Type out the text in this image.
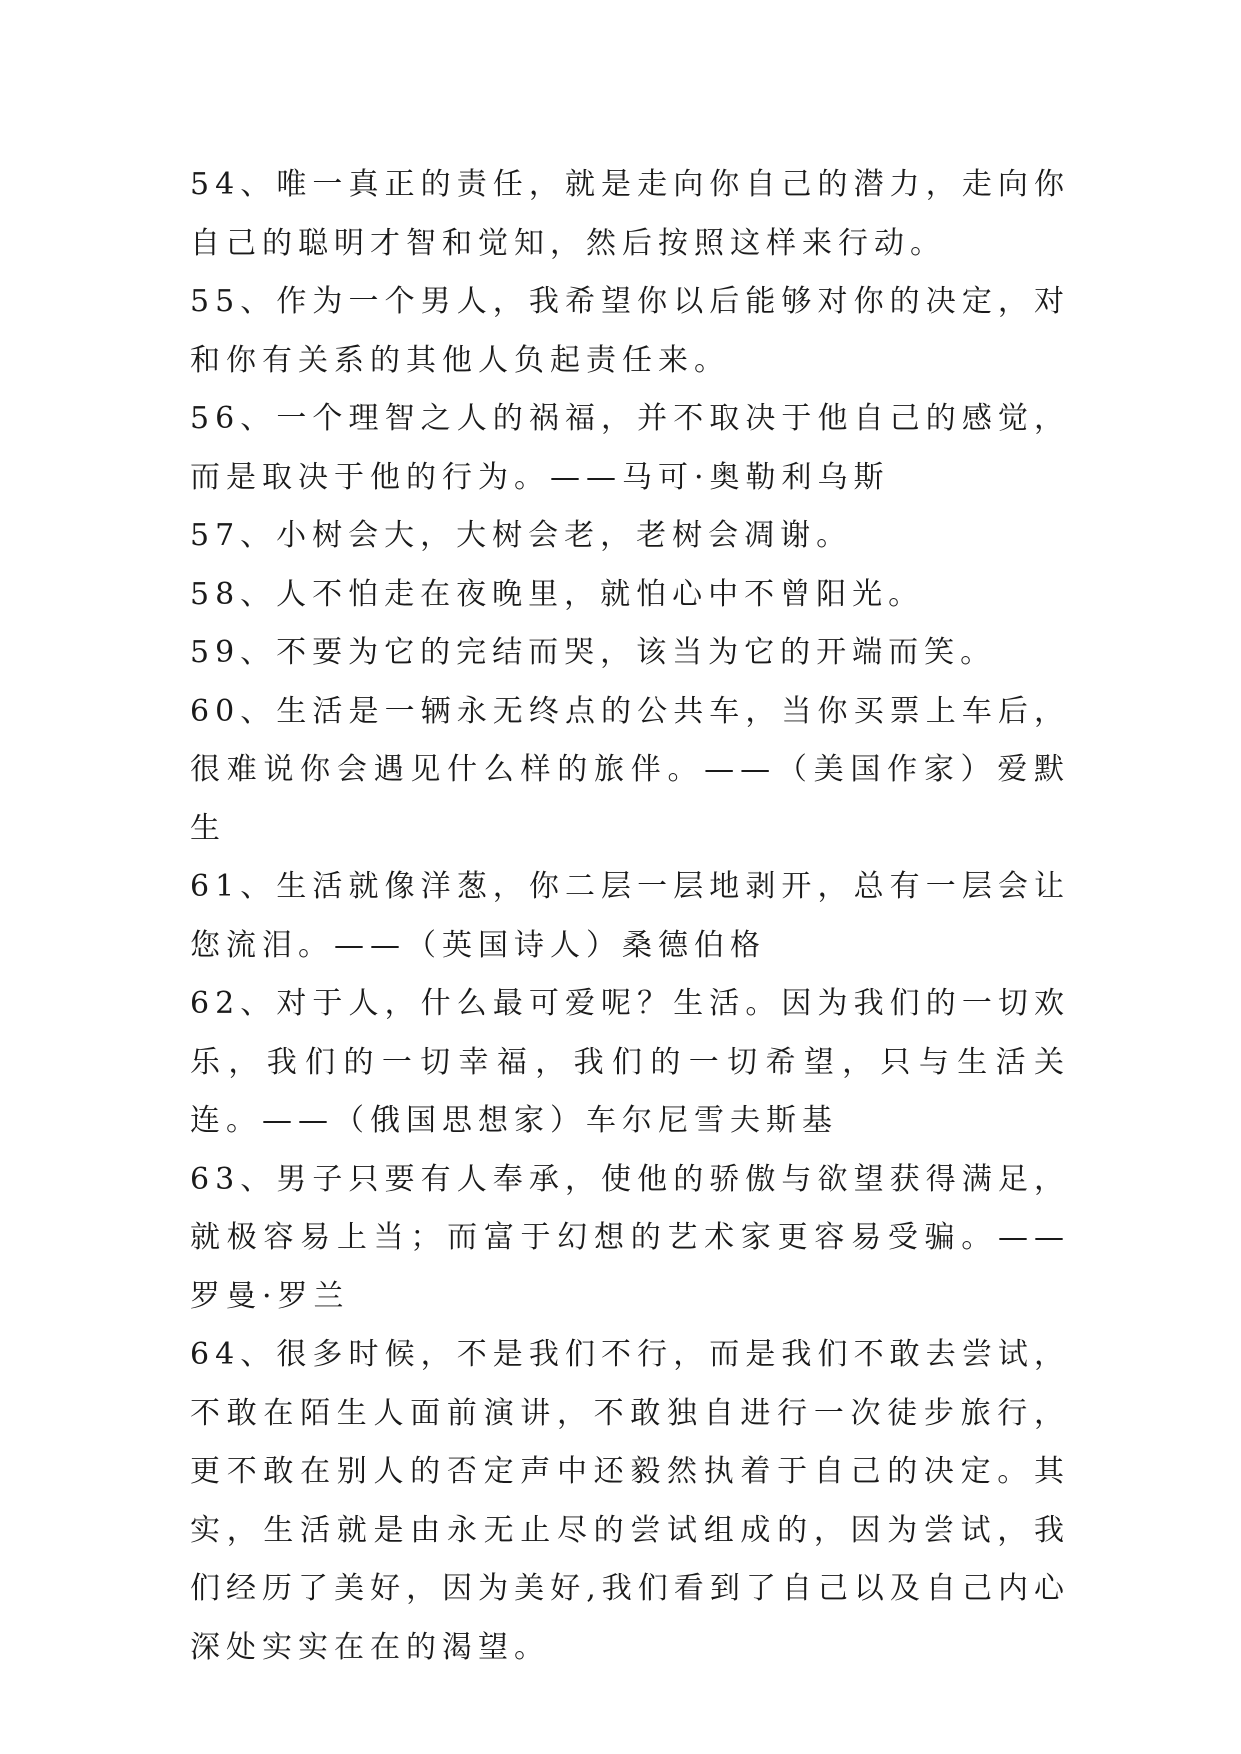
54、唯一真正的责任，就是走向你自己的潜力，走向你自己的聪明才智和觉知，然后按照这样来行动。

55、作为一个男人，我希望你以后能够对你的决定，对和你有关系的其他人负起责任来。

56、一个理智之人的祸福，并不取决于他自己的感觉，而是取决于他的行为。——马可·奥勒利乌斯

57、小树会大，大树会老，老树会凋谢。

58、人不怕走在夜晚里，就怕心中不曾阳光。

59、不要为它的完结而哭，该当为它的开端而笑。

60、生活是一辆永无终点的公共车，当你买票上车后，很难说你会遇见什么样的旅伴。——（美国作家）爱默生

61、生活就像洋葱，你二层一层地剥开，总有一层会让您流泪。——（英国诗人）桑德伯格

62、对于人，什么最可爱呢？生活。因为我们的一切欢乐，我们的一切幸福，我们的一切希望，只与生活关连。——（俄国思想家）车尔尼雪夫斯基

63、男子只要有人奉承，使他的骄傲与欲望获得满足，就极容易上当；而富于幻想的艺术家更容易受骗。——罗曼·罗兰

64、很多时候，不是我们不行，而是我们不敢去尝试，不敢在陌生人面前演讲，不敢独自进行一次徒步旅行，更不敢在别人的否定声中还毅然执着于自己的决定。其实，生活就是由永无止尽的尝试组成的，因为尝试，我们经历了美好，因为美好,我们看到了自己以及自己内心深处实实在在的渴望。
